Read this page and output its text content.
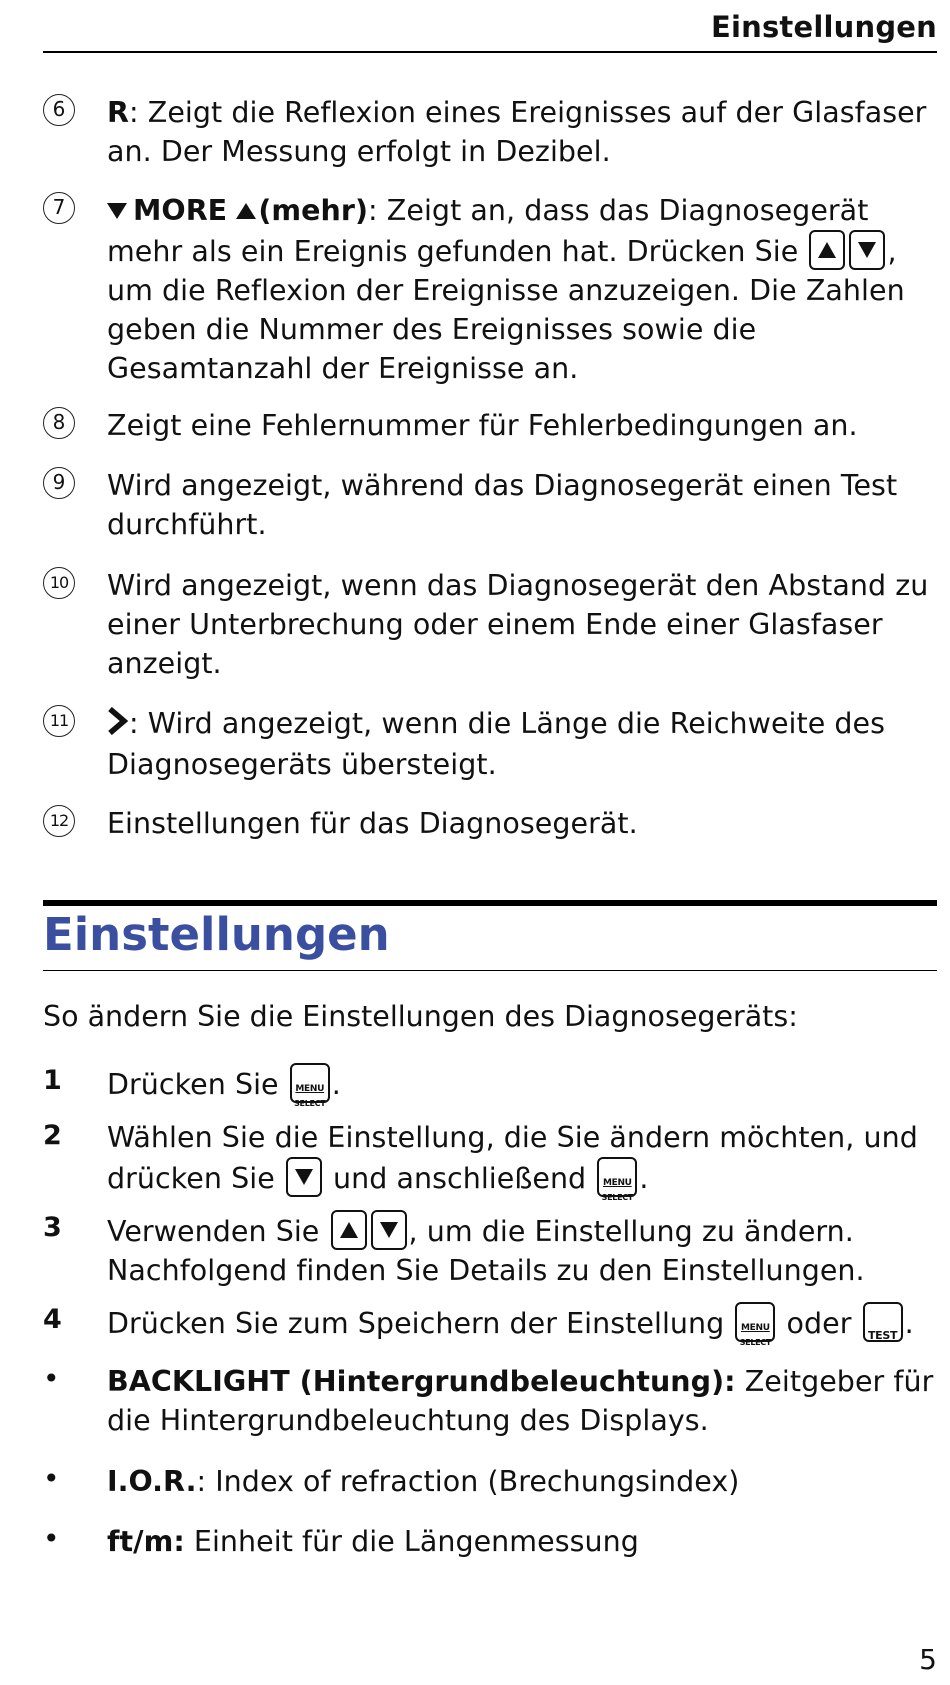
Einstellungen
6	R: Zeigt die Reflexion eines Ereignisses auf der Glasfaser an. Der Messung erfolgt in Dezibel.
7	MORE (mehr): Zeigt an, dass das Diagnosegerät mehr als ein Ereignis gefunden hat. Drücken Sie	, um die Reflexion der Ereignisse anzuzeigen. Die Zahlen geben die Nummer des Ereignisses sowie die Gesamtanzahl der Ereignisse an.
8	Zeigt eine Fehlernummer für Fehlerbedingungen an.
9	Wird angezeigt, während das Diagnosegerät einen Test durchführt.
10 Wird angezeigt, wenn das Diagnosegerät den Abstand zu einer Unterbrechung oder einem Ende einer Glasfaser anzeigt.
11	: Wird angezeigt, wenn die Länge die Reichweite des Diagnosegeräts übersteigt.
12 Einstellungen für das Diagnosegerät.
Einstellungen
So ändern Sie die Einstellungen des Diagnosegeräts:
1 Drücken Sie	MENU
SELECT
.
2 Wählen Sie die Einstellung, die Sie ändern möchten, und drücken Sie und anschließend	MENU
SELECT
.
3 Verwenden Sie	, um die Einstellung zu ändern. Nachfolgend finden Sie Details zu den Einstellungen.
4 Drücken Sie zum Speichern der Einstellung	MENU
SELECT
oder	TEST .
• BACKLIGHT (Hintergrundbeleuchtung): Zeitgeber für die Hintergrundbeleuchtung des Displays.
• I.O.R.: Index of refraction (Brechungsindex)
• ft/m: Einheit für die Längenmessung
5
